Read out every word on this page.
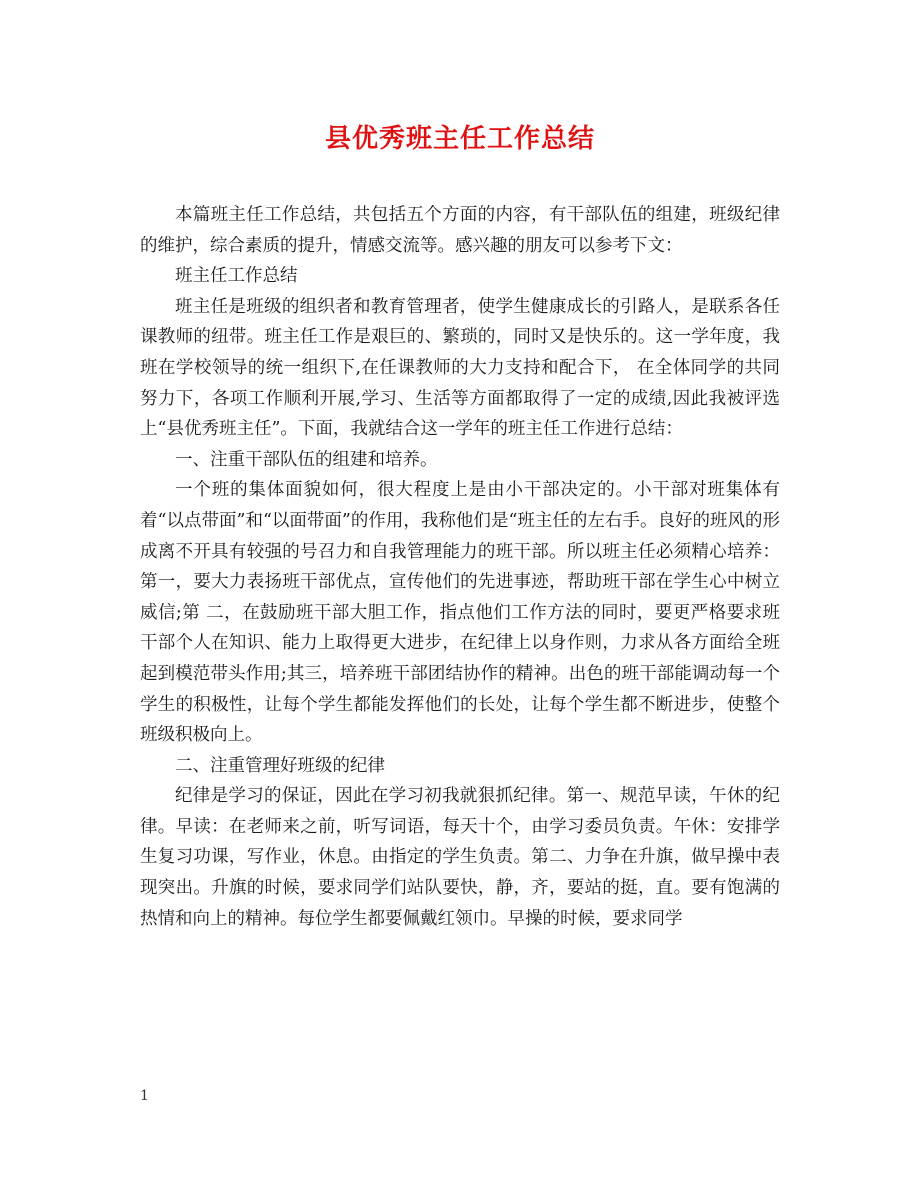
县优秀班主任工作总结

本篇班主任工作总结，共包括五个方面的内容，有干部队伍的组建，班级纪律的维护，综合素质的提升，情感交流等。感兴趣的朋友可以参考下文：

班主任工作总结

班主任是班级的组织者和教育管理者，使学生健康成长的引路人，是联系各任课教师的纽带。班主任工作是艰巨的、繁琐的，同时又是快乐的。这一学年度，我班在学校领导的统一组织下,在任课教师的大力支持和配合下， 在全体同学的共同努力下，各项工作顺利开展,学习、生活等方面都取得了一定的成绩,因此我被评选上“县优秀班主任”。下面，我就结合这一学年的班主任工作进行总结：

一、注重干部队伍的组建和培养。

一个班的集体面貌如何，很大程度上是由小干部决定的。小干部对班集体有着“以点带面”和“以面带面”的作用，我称他们是“班主任的左右手。良好的班风的形成离不开具有较强的号召力和自我管理能力的班干部。所以班主任必须精心培养：第一，要大力表扬班干部优点，宣传他们的先进事迹，帮助班干部在学生心中树立威信;第 二，在鼓励班干部大胆工作，指点他们工作方法的同时，要更严格要求班干部个人在知识、能力上取得更大进步，在纪律上以身作则，力求从各方面给全班起到模范带头作用;其三，培养班干部团结协作的精神。出色的班干部能调动每一个学生的积极性，让每个学生都能发挥他们的长处，让每个学生都不断进步，使整个班级积极向上。

二、注重管理好班级的纪律

纪律是学习的保证，因此在学习初我就狠抓纪律。第一、规范早读，午休的纪律。早读：在老师来之前，听写词语，每天十个，由学习委员负责。午休：安排学生复习功课，写作业，休息。由指定的学生负责。第二、力争在升旗，做早操中表现突出。升旗的时候，要求同学们站队要快，静，齐，要站的挺，直。要有饱满的热情和向上的精神。每位学生都要佩戴红领巾。早操的时候，要求同学

1
